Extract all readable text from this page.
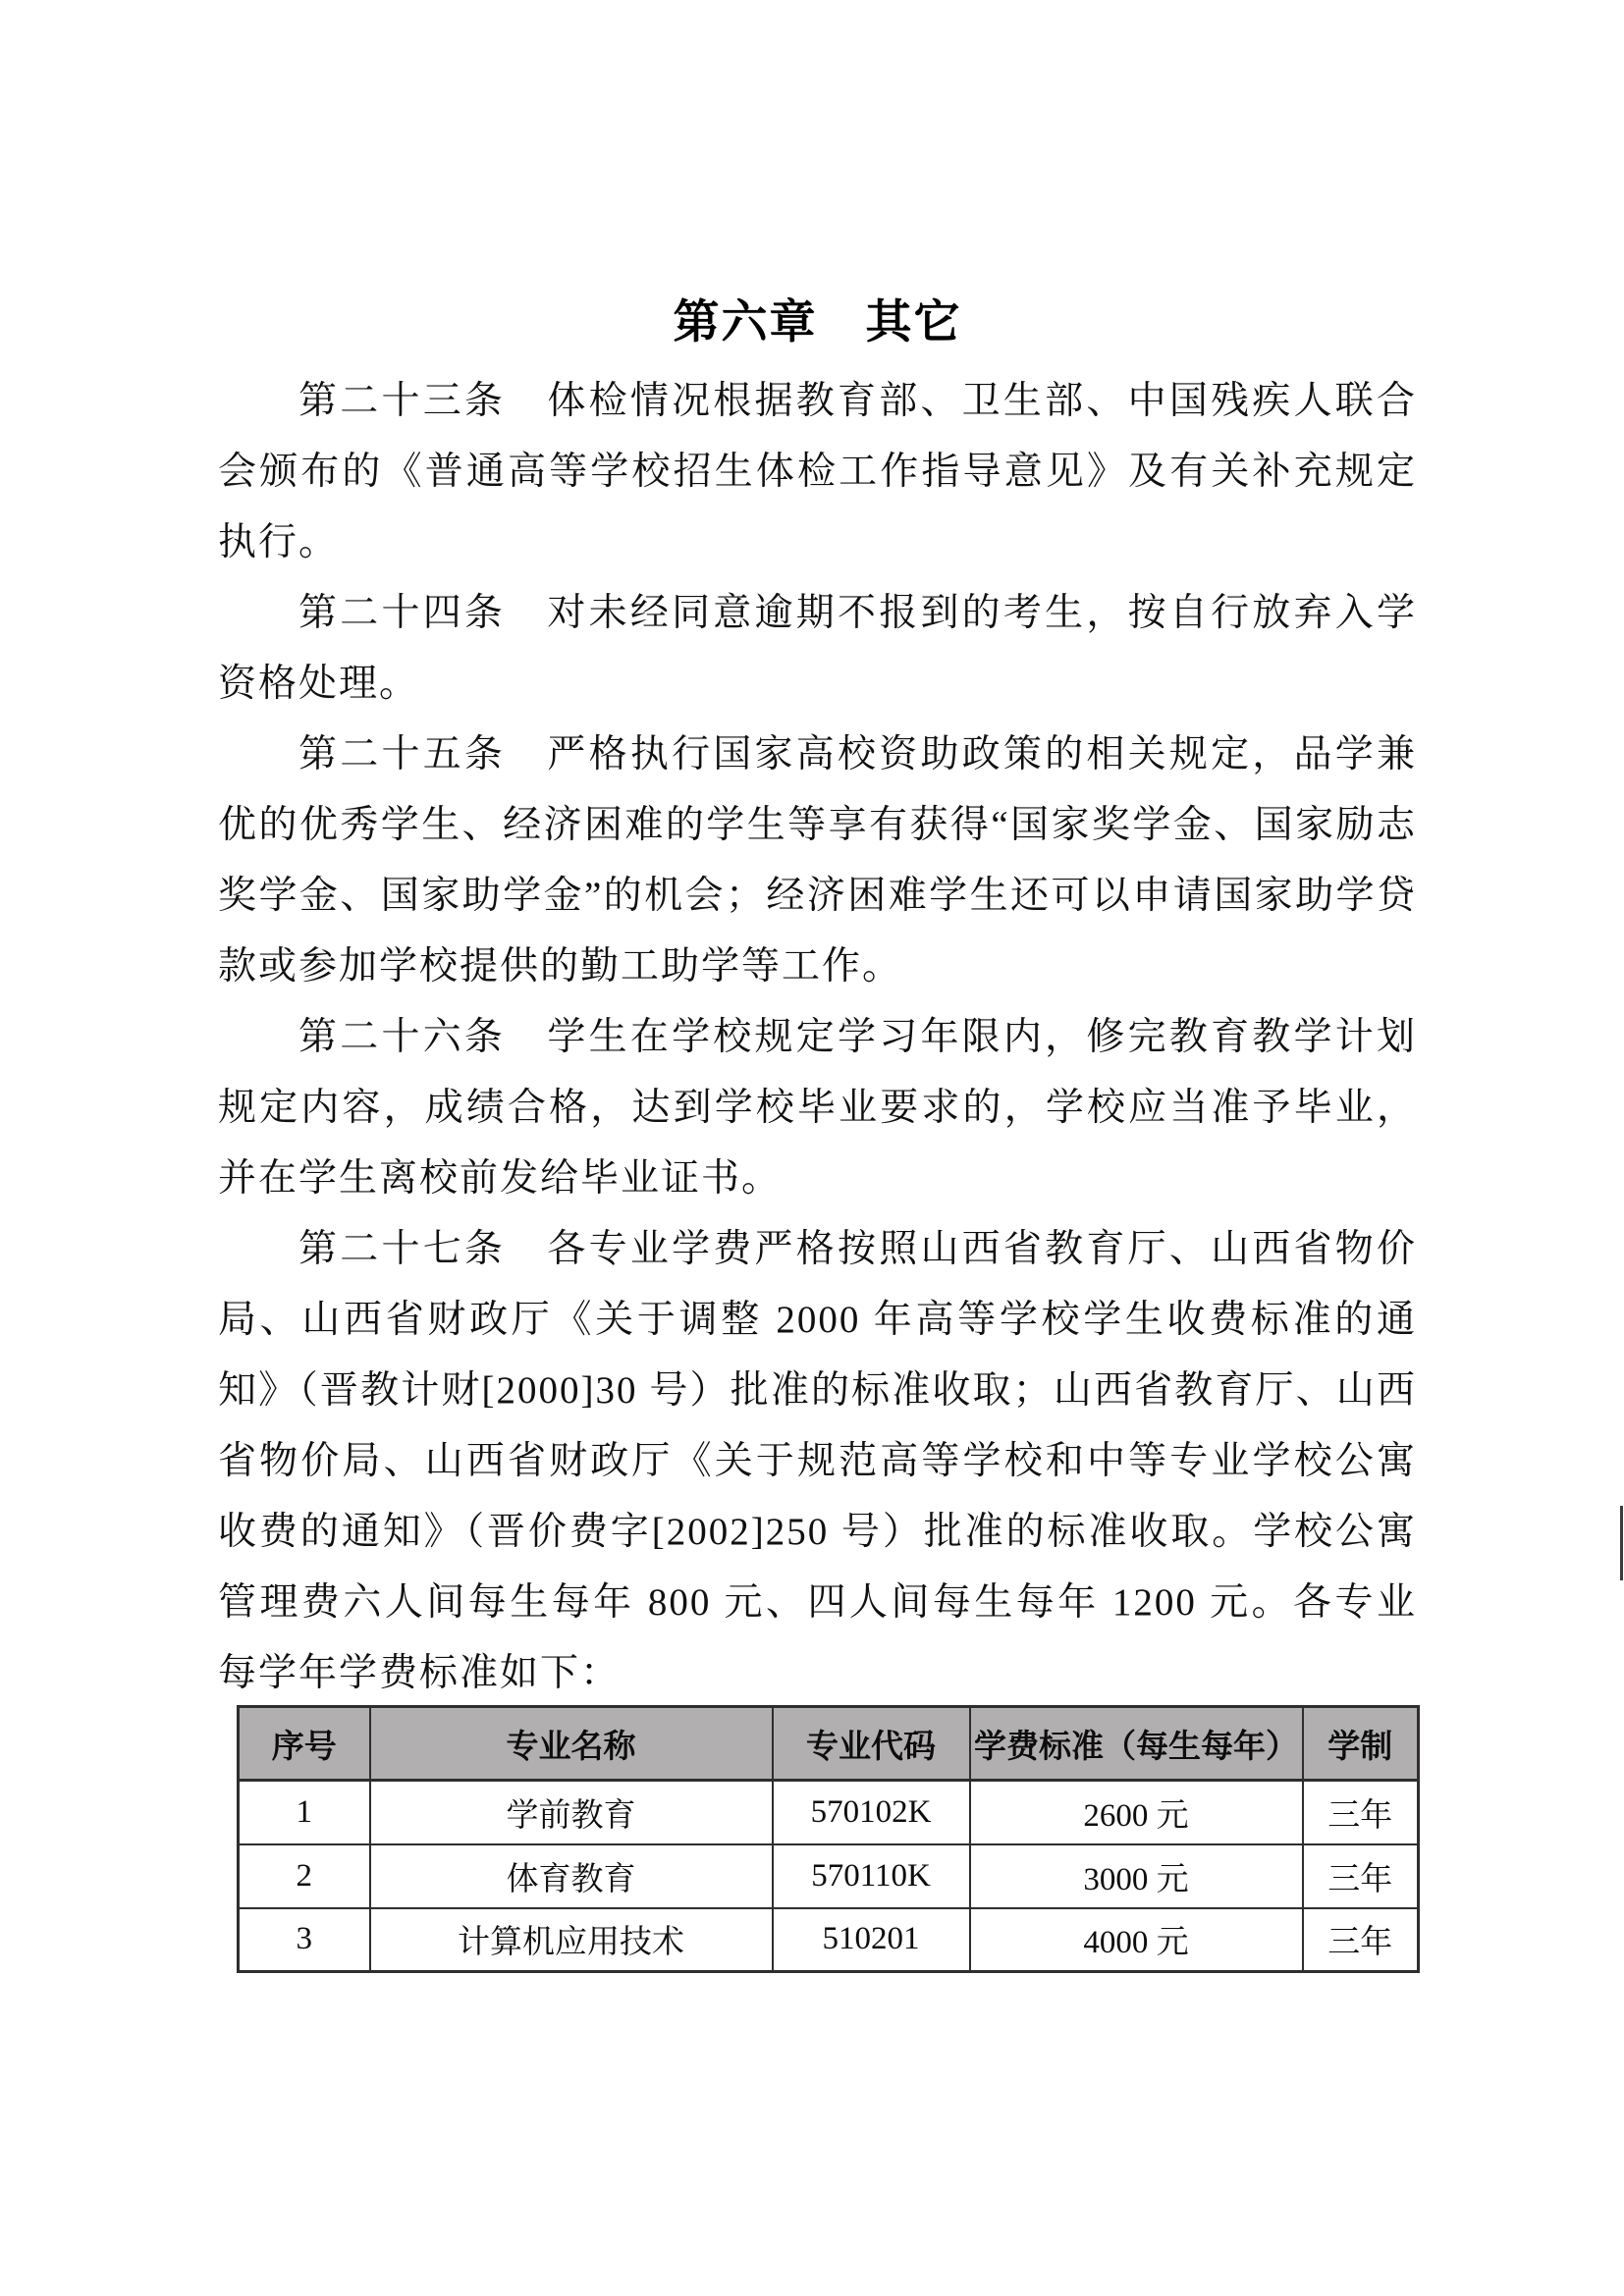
第六章　其它

第二十三条　体检情况根据教育部、卫生部、中国残疾人联合会颁布的《普通高等学校招生体检工作指导意见》及有关补充规定执行。

第二十四条　对未经同意逾期不报到的考生，按自行放弃入学资格处理。

第二十五条　严格执行国家高校资助政策的相关规定，品学兼优的优秀学生、经济困难的学生等享有获得“国家奖学金、国家励志奖学金、国家助学金”的机会；经济困难学生还可以申请国家助学贷款或参加学校提供的勤工助学等工作。

第二十六条　学生在学校规定学习年限内，修完教育教学计划规定内容，成绩合格，达到学校毕业要求的，学校应当准予毕业，并在学生离校前发给毕业证书。

第二十七条　各专业学费严格按照山西省教育厅、山西省物价局、山西省财政厅《关于调整 2000 年高等学校学生收费标准的通知》（晋教计财[2000]30 号）批准的标准收取；山西省教育厅、山西省物价局、山西省财政厅《关于规范高等学校和中等专业学校公寓收费的通知》（晋价费字[2002]250 号）批准的标准收取。学校公寓管理费六人间每生每年 800 元、四人间每生每年 1200 元。各专业每学年学费标准如下：

序号	专业名称	专业代码	学费标准（每生每年）	学制
1	学前教育	570102K	2600 元	三年
2	体育教育	570110K	3000 元	三年
3	计算机应用技术	510201	4000 元	三年
